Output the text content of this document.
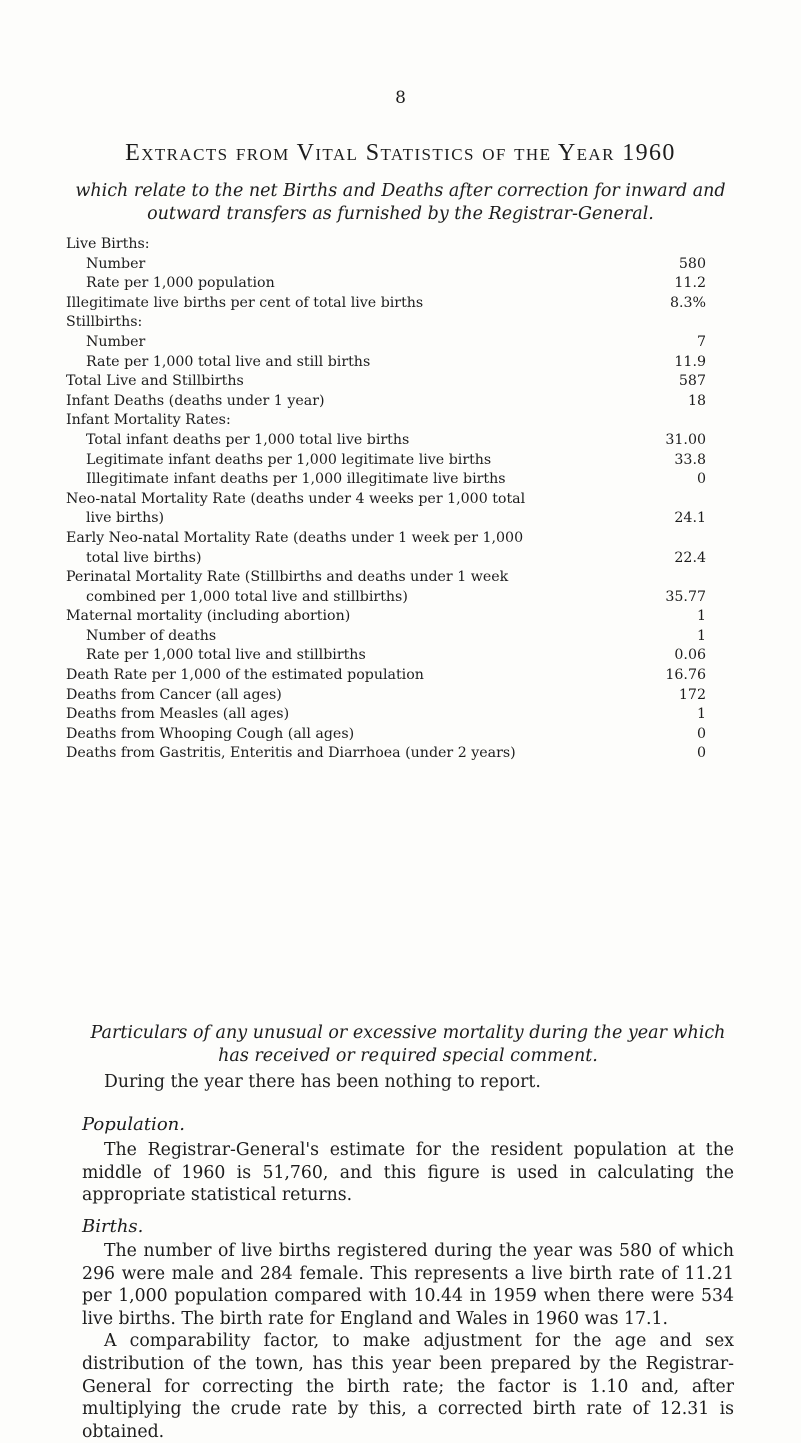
8
Extracts from Vital Statistics of the Year 1960
which relate to the net Births and Deaths after correction for inward and outward transfers as furnished by the Registrar-General.
Live Births:
Number	580
Rate per 1,000 population	11.2
Illegitimate live births per cent of total live births	8.3%
Stillbirths:
Number	7
Rate per 1,000 total live and still births	11.9
Total Live and Stillbirths	587
Infant Deaths (deaths under 1 year)	18
Infant Mortality Rates:
Total infant deaths per 1,000 total live births	31.00
Legitimate infant deaths per 1,000 legitimate live births	33.8
Illegitimate infant deaths per 1,000 illegitimate live births	0
Neo-natal Mortality Rate (deaths under 4 weeks per 1,000 total
live births)	24.1
Early Neo-natal Mortality Rate (deaths under 1 week per 1,000
total live births)	22.4
Perinatal Mortality Rate (Stillbirths and deaths under 1 week
combined per 1,000 total live and stillbirths)	35.77
Maternal mortality (including abortion)	1
Number of deaths	1
Rate per 1,000 total live and stillbirths	0.06
Death Rate per 1,000 of the estimated population	16.76
Deaths from Cancer (all ages)	172
Deaths from Measles (all ages)	1
Deaths from Whooping Cough (all ages)	0
Deaths from Gastritis, Enteritis and Diarrhoea (under 2 years)	0
Particulars of any unusual or excessive mortality during the year which has received or required special comment.

During the year there has been nothing to report.

Population.

The Registrar-General's estimate for the resident population at the middle of 1960 is 51,760, and this figure is used in calculating the appropriate statistical returns.

Births.

The number of live births registered during the year was 580 of which 296 were male and 284 female. This represents a live birth rate of 11.21 per 1,000 population compared with 10.44 in 1959 when there were 534 live births. The birth rate for England and Wales in 1960 was 17.1.

A comparability factor, to make adjustment for the age and sex distribution of the town, has this year been prepared by the Registrar-General for correcting the birth rate; the factor is 1.10 and, after multiplying the crude rate by this, a corrected birth rate of 12.31 is obtained.
